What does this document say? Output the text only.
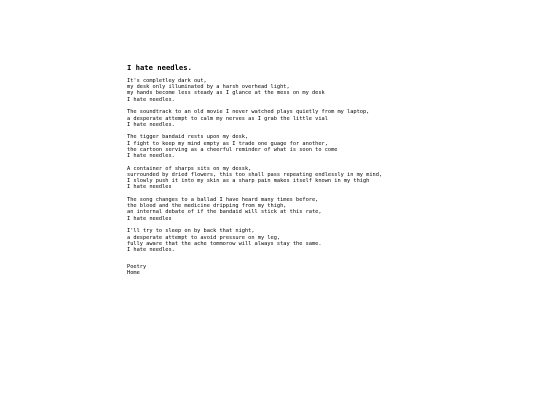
I hate needles.
It's completley dark out,
my desk only illuminated by a harsh overhead light,
my hands become less steady as I glance at the mess on my desk
I hate needles.
The soundtrack to an old movie I never watched plays quietly from my laptop,
a desperate attempt to calm my nerves as I grab the little vial
I hate needles.
The tigger bandaid rests upon my desk,
I fight to keep my mind empty as I trade one guage for another,
the cartoon serving as a cheerful reminder of what is soon to come
I hate needles.
A container of sharps sits on my dessk,
surrounded by dried flowers, this too shall pass repeating endlessly in my mind,
I slowly push it into my skin as a sharp pain makes itself known in my thigh
I hate needles
The song changes to a ballad I have heard many times before,
the blood and the medicine dripping from my thigh,
an internal debate of if the bandaid will stick at this rate,
I hate needles
I'll try to sleep on by back that night,
a desperate attempt to avoid pressure on my leg,
fully aware that the ache tommorow will always stay the same.
I hate needles.
Poetry
Home
